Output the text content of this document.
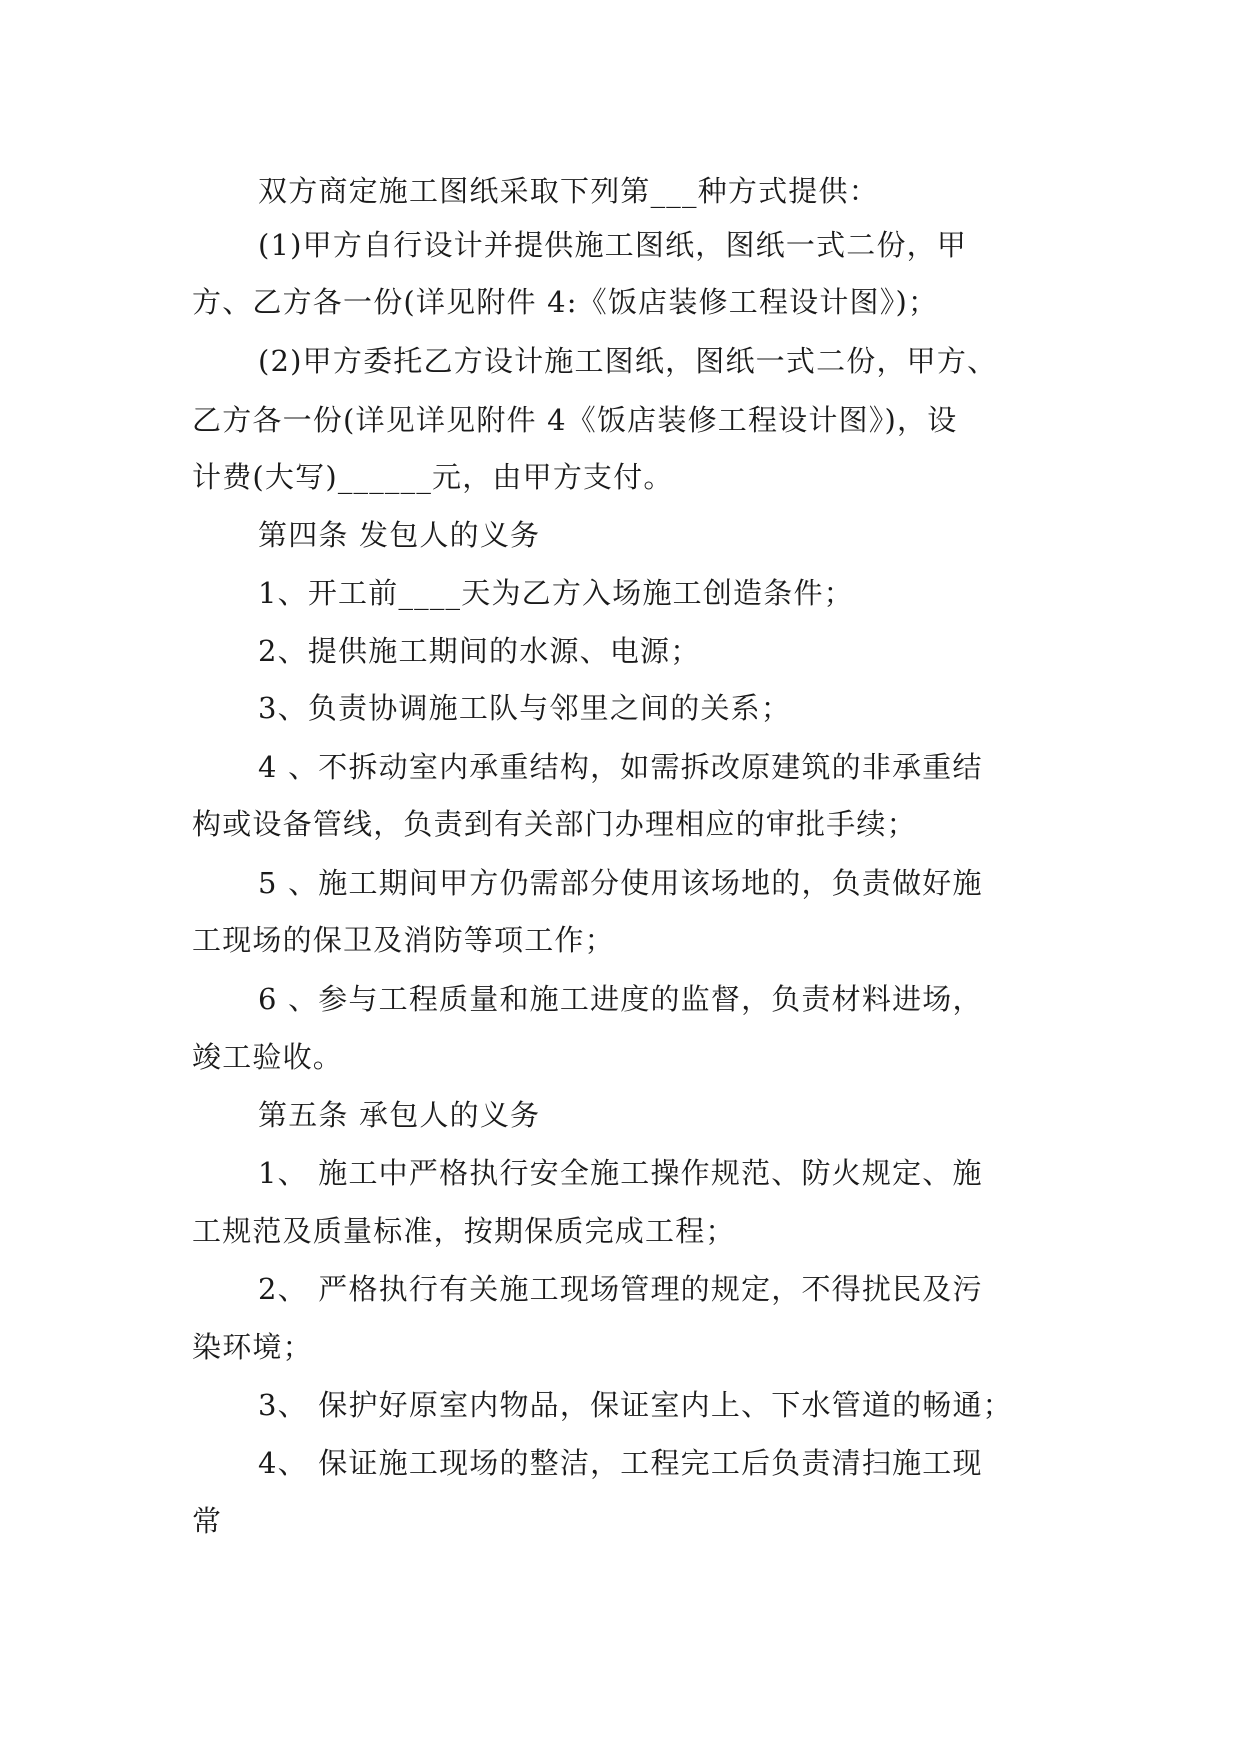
双方商定施工图纸采取下列第___种方式提供：
(1)甲方自行设计并提供施工图纸，图纸一式二份，甲
方、乙方各一份(详见附件 4:《饭店装修工程设计图》)；
(2)甲方委托乙方设计施工图纸，图纸一式二份，甲方、
乙方各一份(详见详见附件 4《饭店装修工程设计图》)，设
计费(大写)______元，由甲方支付。
第四条 发包人的义务
1、开工前____天为乙方入场施工创造条件；
2、提供施工期间的水源、电源；
3、负责协调施工队与邻里之间的关系；
4 、不拆动室内承重结构，如需拆改原建筑的非承重结
构或设备管线，负责到有关部门办理相应的审批手续；
5 、施工期间甲方仍需部分使用该场地的，负责做好施
工现场的保卫及消防等项工作；
6 、参与工程质量和施工进度的监督，负责材料进场，
竣工验收。
第五条 承包人的义务
1、 施工中严格执行安全施工操作规范、防火规定、施
工规范及质量标准，按期保质完成工程；
2、 严格执行有关施工现场管理的规定，不得扰民及污
染环境；
3、 保护好原室内物品，保证室内上、下水管道的畅通；
4、 保证施工现场的整洁，工程完工后负责清扫施工现
常
